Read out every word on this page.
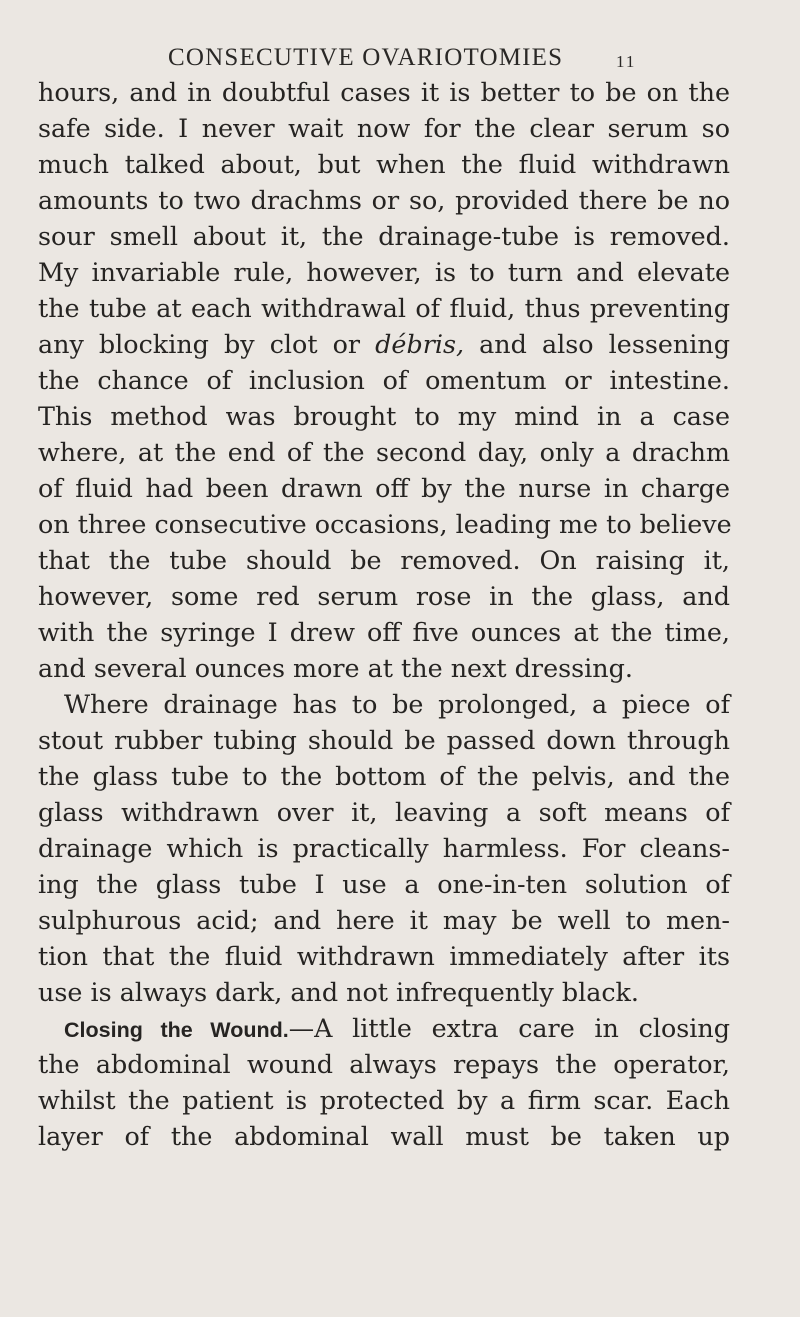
CONSECUTIVE OVARIOTOMIES	11
hours, and in doubtful cases it is better to be on the
safe side. I never wait now for the clear serum so
much talked about, but when the fluid withdrawn
amounts to two drachms or so, provided there be no
sour smell about it, the drainage-tube is removed.
My invariable rule, however, is to turn and elevate
the tube at each withdrawal of fluid, thus preventing
any blocking by clot or débris, and also lessening
the chance of inclusion of omentum or intestine.
This method was brought to my mind in a case
where, at the end of the second day, only a drachm
of fluid had been drawn off by the nurse in charge
on three consecutive occasions, leading me to believe
that the tube should be removed. On raising it,
however, some red serum rose in the glass, and
with the syringe I drew off five ounces at the time,
and several ounces more at the next dressing.
Where drainage has to be prolonged, a piece of
stout rubber tubing should be passed down through
the glass tube to the bottom of the pelvis, and the
glass withdrawn over it, leaving a soft means of
drainage which is practically harmless. For cleans-
ing the glass tube I use a one-in-ten solution of
sulphurous acid; and here it may be well to men-
tion that the fluid withdrawn immediately after its
use is always dark, and not infrequently black.
Closing the Wound.—A little extra care in closing
the abdominal wound always repays the operator,
whilst the patient is protected by a firm scar. Each
layer of the abdominal wall must be taken up
